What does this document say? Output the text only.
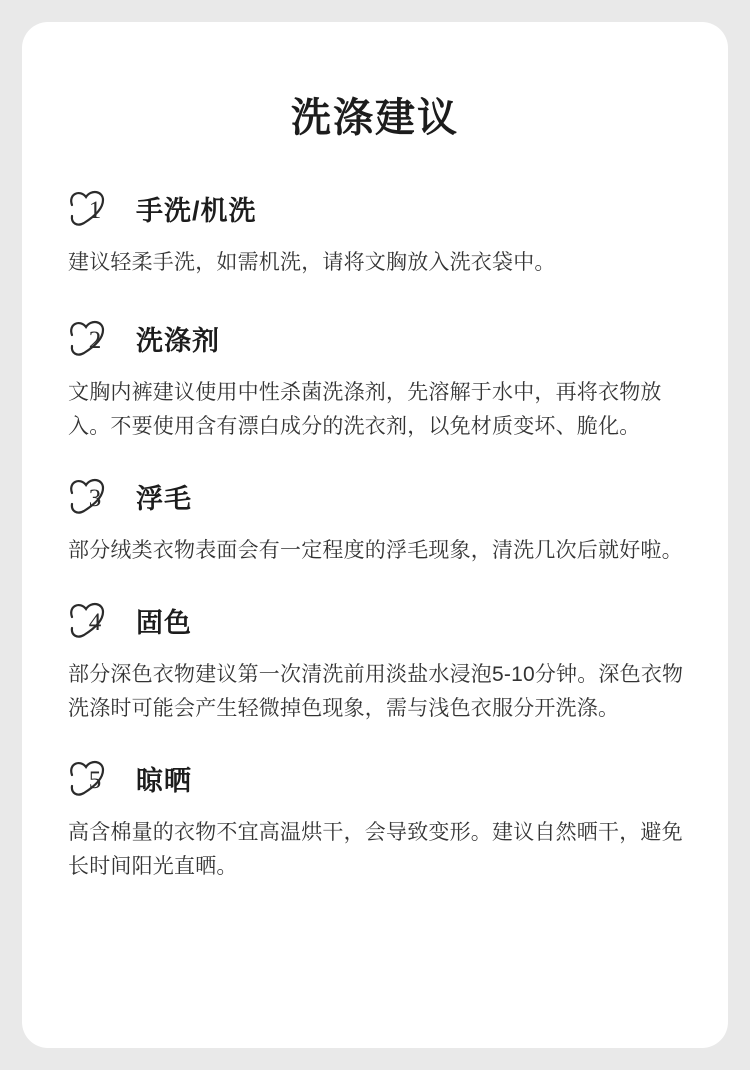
洗涤建议
1	手洗/机洗
建议轻柔手洗，如需机洗，请将文胸放入洗衣袋中。
2	洗涤剂
文胸内裤建议使用中性杀菌洗涤剂，先溶解于水中，再将衣物放入。不要使用含有漂白成分的洗衣剂，以免材质变坏、脆化。
3	浮毛
部分绒类衣物表面会有一定程度的浮毛现象，清洗几次后就好啦。
4	固色
部分深色衣物建议第一次清洗前用淡盐水浸泡5-10分钟。深色衣物洗涤时可能会产生轻微掉色现象，需与浅色衣服分开洗涤。
5	晾晒
高含棉量的衣物不宜高温烘干，会导致变形。建议自然晒干，避免长时间阳光直晒。
